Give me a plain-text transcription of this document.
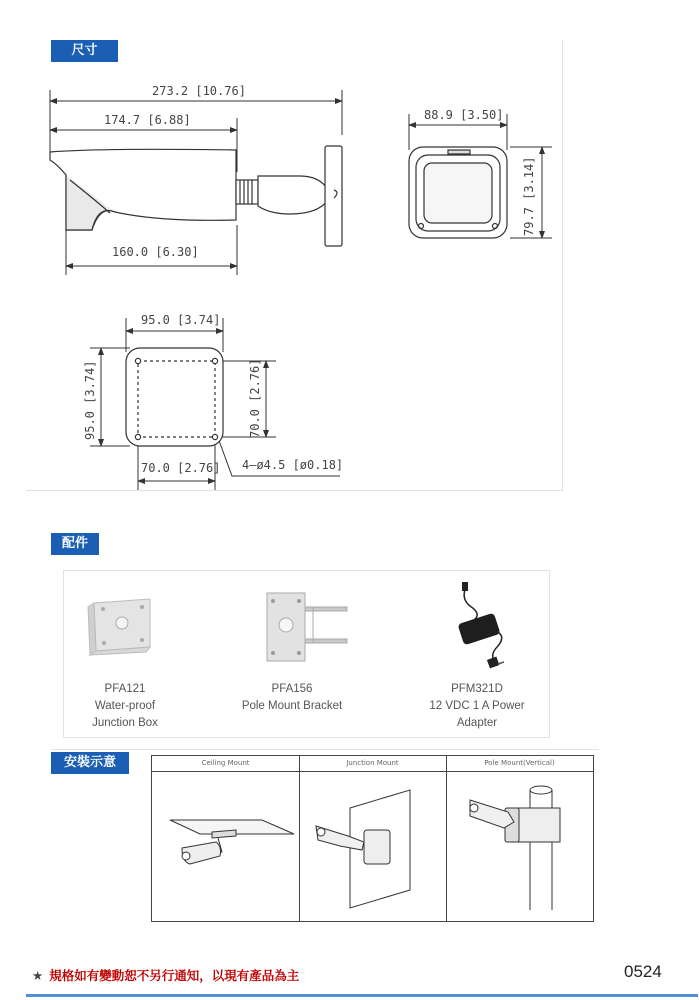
尺寸
273.2 [10.76]
174.7 [6.88]	88.9 [3.50]
79.7 [3.14]
160.0 [6.30]
95.0 [3.74]
95.0 [3.74]	70.0 [2.76]
70.0 [2.76] 4—ø4.5 [ø0.18]
配件
PFA121
Water-proof
Junction Box
PFA156
Pole Mount Bracket
PFM321D
12 VDC 1 A Power
Adapter
安裝示意	Ceiling Mount	Junction Mount	Pole Mount(Vertical)
★ 規格如有變動恕不另行通知，以現有產品為主	0524
